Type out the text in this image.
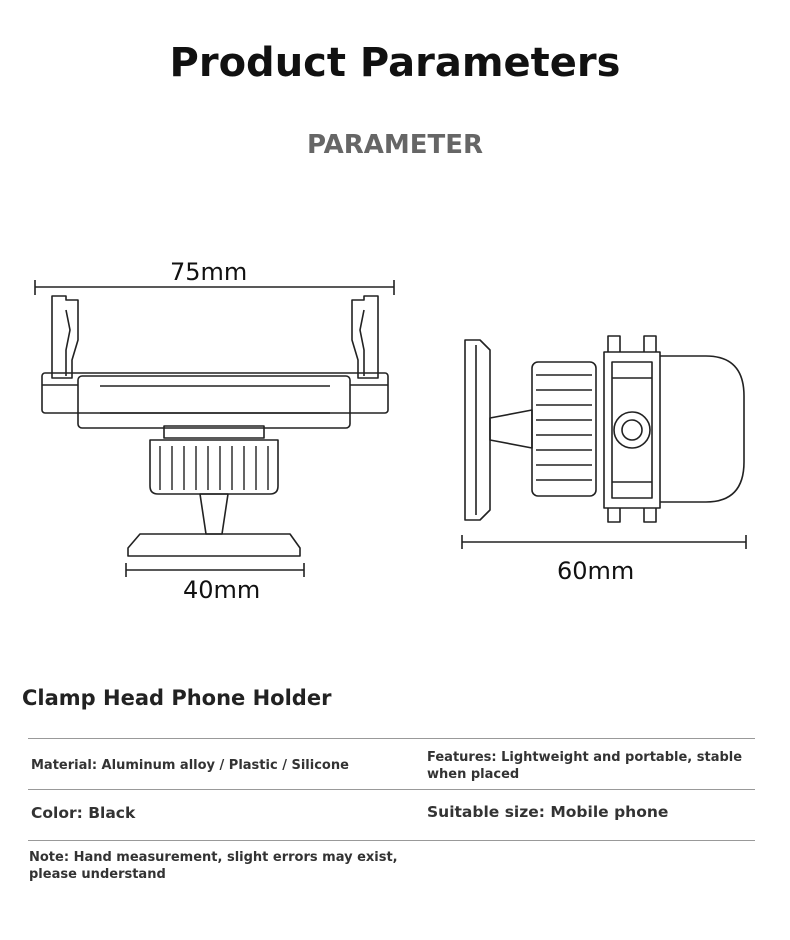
Product Parameters
PARAMETER
75mm
40mm
60mm
Clamp Head Phone Holder
Material: Aluminum alloy / Plastic / Silicone
Features: Lightweight and portable, stable when placed
Color: Black	Suitable size: Mobile phone
Note: Hand measurement, slight errors may exist, please understand
